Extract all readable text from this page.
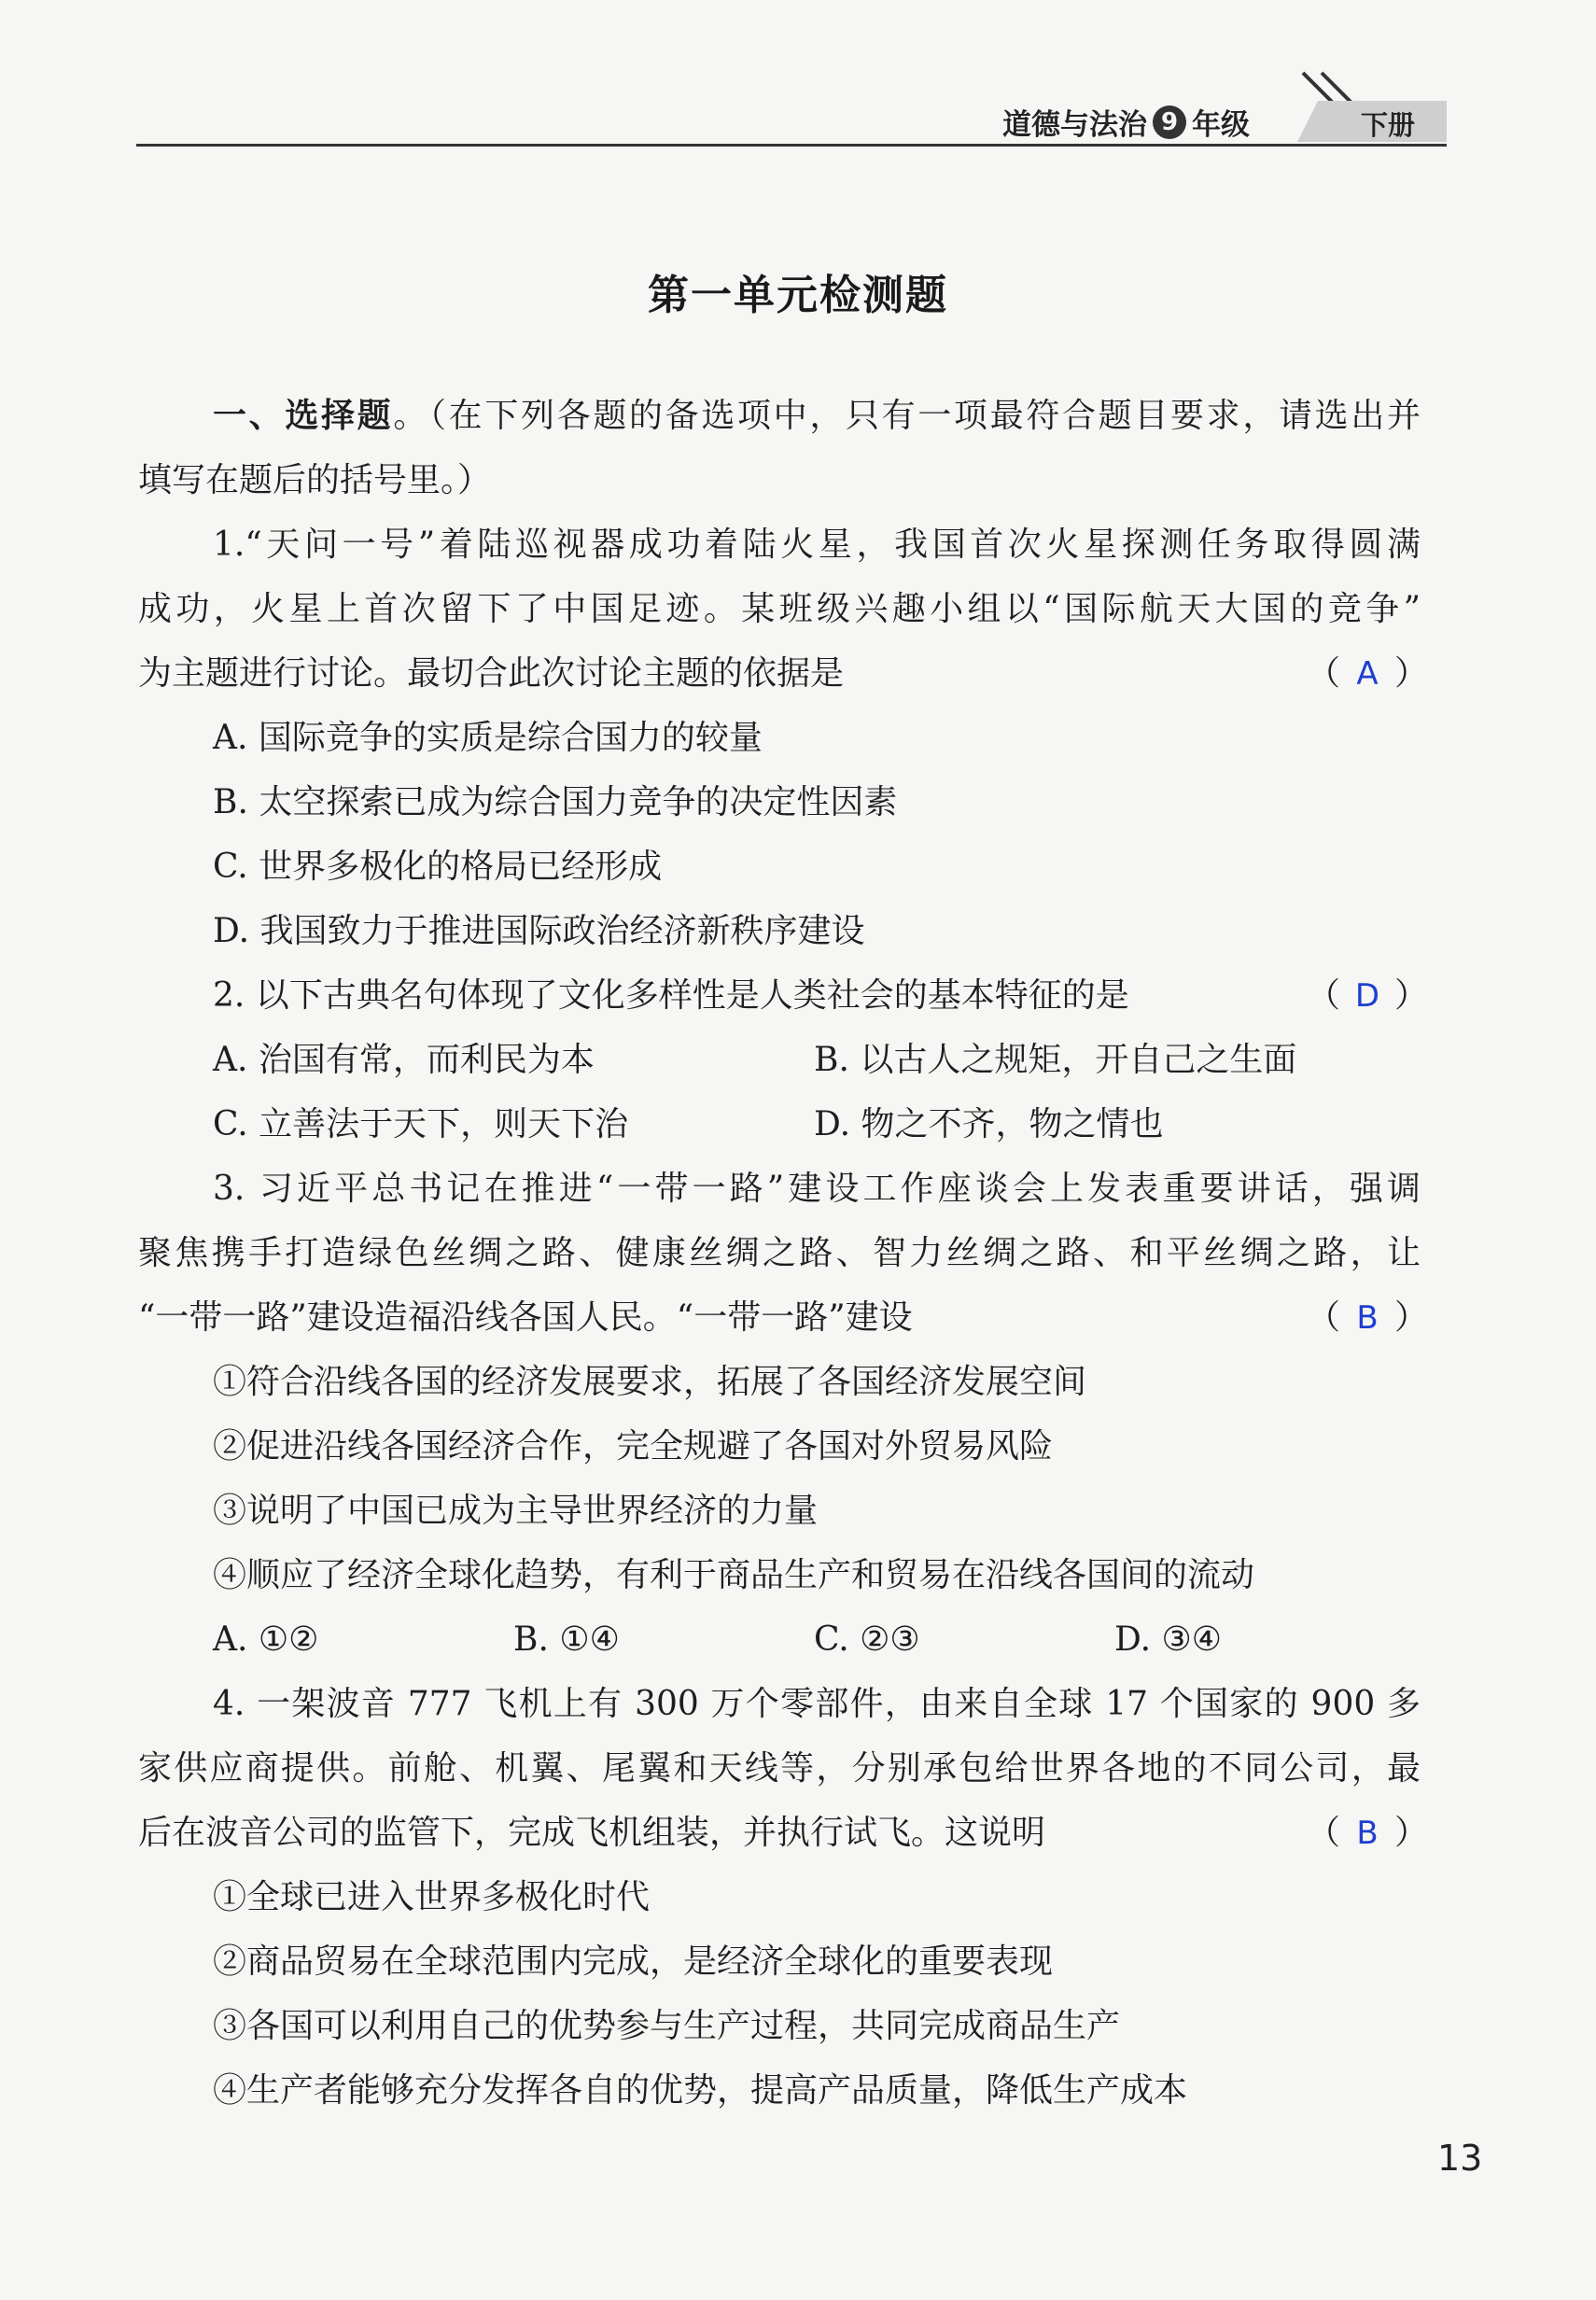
道德与法治 9 年级	下册
第一单元检测题
一、选择题。（在下列各题的备选项中，只有一项最符合题目要求，请选出并
填写在题后的括号里。）
1.“天问一号”着陆巡视器成功着陆火星，我国首次火星探测任务取得圆满
成功，火星上首次留下了中国足迹。某班级兴趣小组以“国际航天大国的竞争”
为主题进行讨论。最切合此次讨论主题的依据是	（ A ）
A. 国际竞争的实质是综合国力的较量
B. 太空探索已成为综合国力竞争的决定性因素
C. 世界多极化的格局已经形成
D. 我国致力于推进国际政治经济新秩序建设
2. 以下古典名句体现了文化多样性是人类社会的基本特征的是	（ D ）
A. 治国有常，而利民为本	B. 以古人之规矩，开自己之生面
C. 立善法于天下，则天下治	D. 物之不齐，物之情也
3. 习近平总书记在推进“一带一路”建设工作座谈会上发表重要讲话，强调
聚焦携手打造绿色丝绸之路、健康丝绸之路、智力丝绸之路、和平丝绸之路，让
“一带一路”建设造福沿线各国人民。“一带一路”建设	（ B ）
①符合沿线各国的经济发展要求，拓展了各国经济发展空间
②促进沿线各国经济合作，完全规避了各国对外贸易风险
③说明了中国已成为主导世界经济的力量
④顺应了经济全球化趋势，有利于商品生产和贸易在沿线各国间的流动
A. ①②	B. ①④	C. ②③	D. ③④
4. 一架波音 777 飞机上有 300 万个零部件，由来自全球 17 个国家的 900 多
家供应商提供。前舱、机翼、尾翼和天线等，分别承包给世界各地的不同公司，最
后在波音公司的监管下，完成飞机组装，并执行试飞。这说明	（ B ）
①全球已进入世界多极化时代
②商品贸易在全球范围内完成，是经济全球化的重要表现
③各国可以利用自己的优势参与生产过程，共同完成商品生产
④生产者能够充分发挥各自的优势，提高产品质量，降低生产成本
13
